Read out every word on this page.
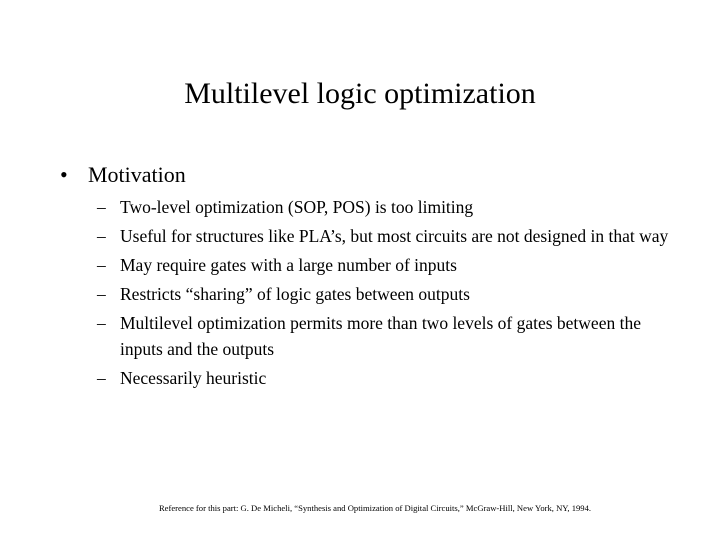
Multilevel logic optimization
• Motivation
– Two-level optimization (SOP, POS) is too limiting
– Useful for structures like PLA’s, but most circuits are not designed in that way
– May require gates with a large number of inputs
– Restricts “sharing” of logic gates between outputs
– Multilevel optimization permits more than two levels of gates between the inputs and the outputs
– Necessarily heuristic
Reference for this part: G. De Micheli, “Synthesis and Optimization of Digital Circuits,” McGraw-Hill, New York, NY, 1994.
